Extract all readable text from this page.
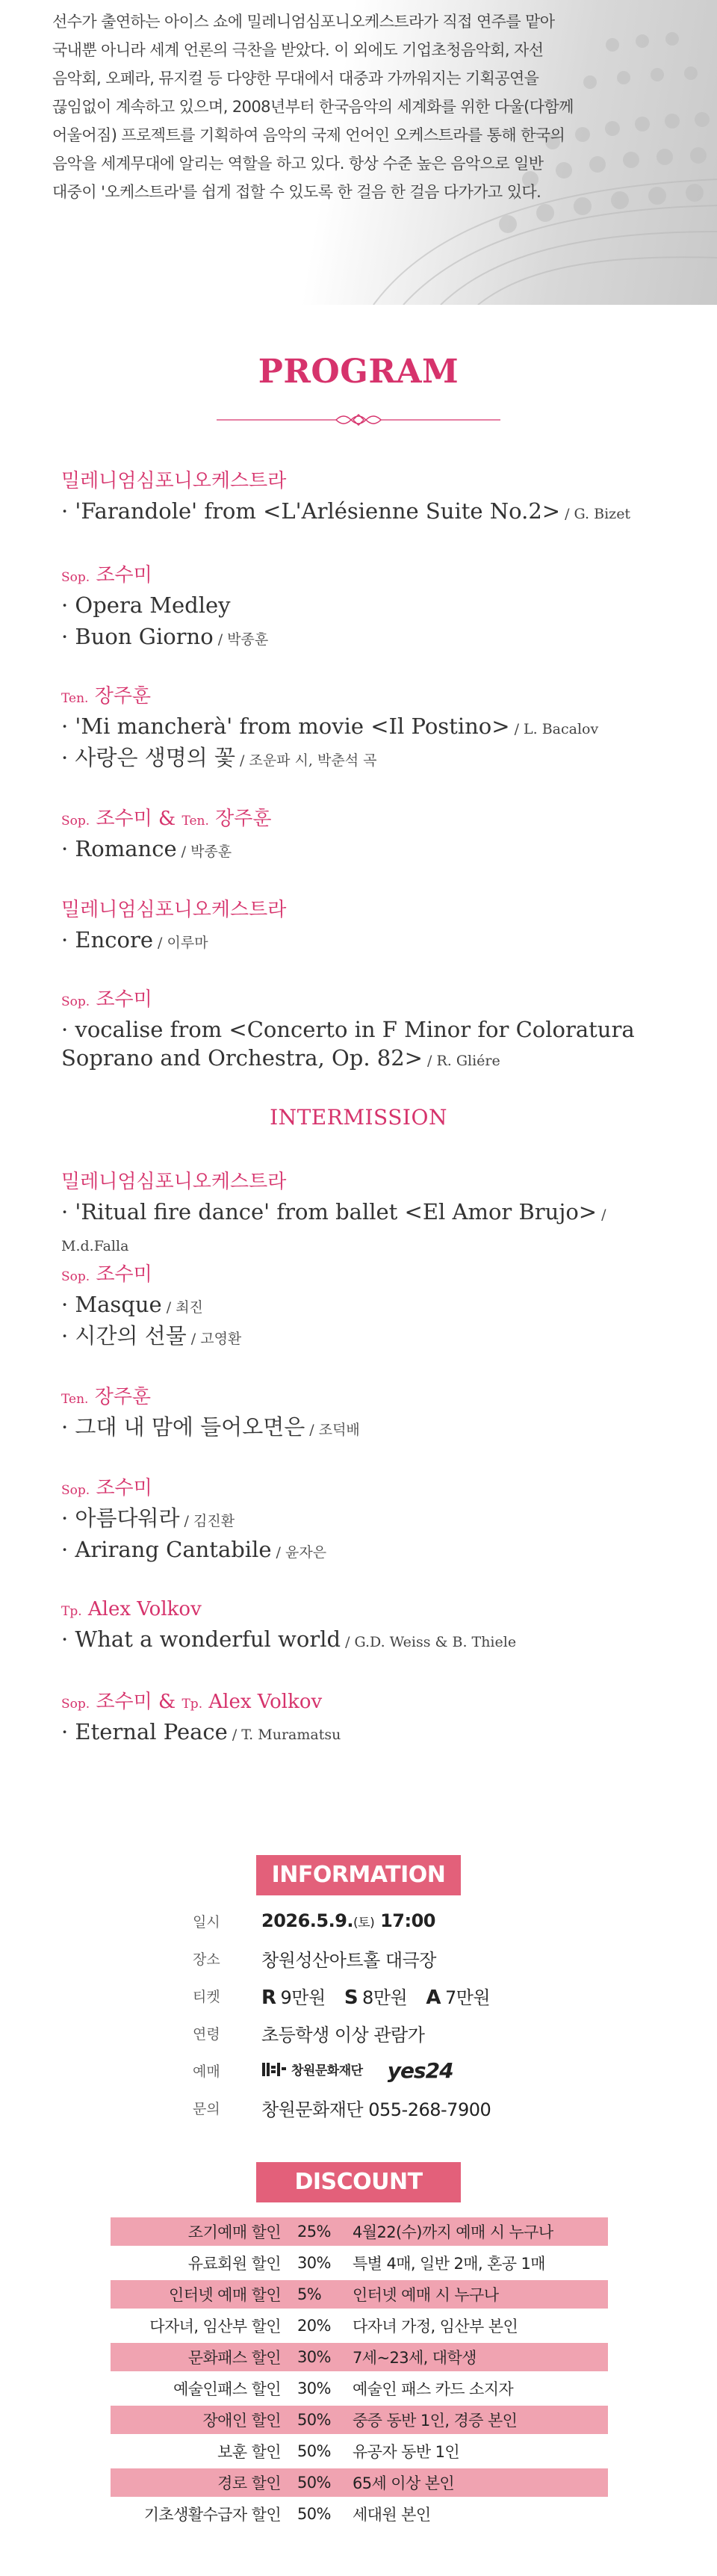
선수가 출연하는 아이스 쇼에 밀레니엄심포니오케스트라가 직접 연주를 맡아
국내뿐 아니라 세계 언론의 극찬을 받았다. 이 외에도 기업초청음악회, 자선
음악회, 오페라, 뮤지컬 등 다양한 무대에서 대중과 가까워지는 기획공연을
끊임없이 계속하고 있으며, 2008년부터 한국음악의 세계화를 위한 다울(다함께
어울어짐) 프로젝트를 기획하여 음악의 국제 언어인 오케스트라를 통해 한국의
음악을 세계무대에 알리는 역할을 하고 있다. 항상 수준 높은 음악으로 일반
대중이 '오케스트라'를 쉽게 접할 수 있도록 한 걸음 한 걸음 다가가고 있다.

PROGRAM
밀레니엄심포니오케스트라
· 'Farandole' from <L'Arlésienne Suite No.2> / G. Bizet
Sop. 조수미
· Opera Medley
· Buon Giorno / 박종훈
Ten. 장주훈
· 'Mi mancherà' from movie <Il Postino> / L. Bacalov
· 사랑은 생명의 꽃 / 조운파 시, 박춘석 곡
Sop. 조수미 & Ten. 장주훈
· Romance / 박종훈
밀레니엄심포니오케스트라
· Encore / 이루마
Sop. 조수미
· vocalise from <Concerto in F Minor for Coloratura
Soprano and Orchestra, Op. 82> / R. Gliére
INTERMISSION
밀레니엄심포니오케스트라
· 'Ritual fire dance' from ballet <El Amor Brujo> / M.d.Falla
Sop. 조수미
· Masque / 최진
· 시간의 선물 / 고영환
Ten. 장주훈
· 그대 내 맘에 들어오면은 / 조덕배
Sop. 조수미
· 아름다워라 / 김진환
· Arirang Cantabile / 윤자은
Tp. Alex Volkov
· What a wonderful world / G.D. Weiss & B. Thiele
Sop. 조수미 & Tp. Alex Volkov
· Eternal Peace / T. Muramatsu
INFORMATION
일시	2026.5.9.(토) 17:00
장소	창원성산아트홀 대극장
티켓	R 9만원 S 8만원 A 7만원
연령	초등학생 이상 관람가
예매	창원문화재단 yes24
문의	창원문화재단 055-268-7900
DISCOUNT
조기예매 할인	25%	4월22(수)까지 예매 시 누구나
유료회원 할인	30%	특별 4매, 일반 2매, 혼공 1매
인터넷 예매 할인	5%	인터넷 예매 시 누구나
다자녀, 임산부 할인	20%	다자녀 가정, 임산부 본인
문화패스 할인	30%	7세~23세, 대학생
예술인패스 할인	30%	예술인 패스 카드 소지자
장애인 할인	50%	중증 동반 1인, 경증 본인
보훈 할인	50%	유공자 동반 1인
경로 할인	50%	65세 이상 본인
기초생활수급자 할인	50%	세대원 본인
